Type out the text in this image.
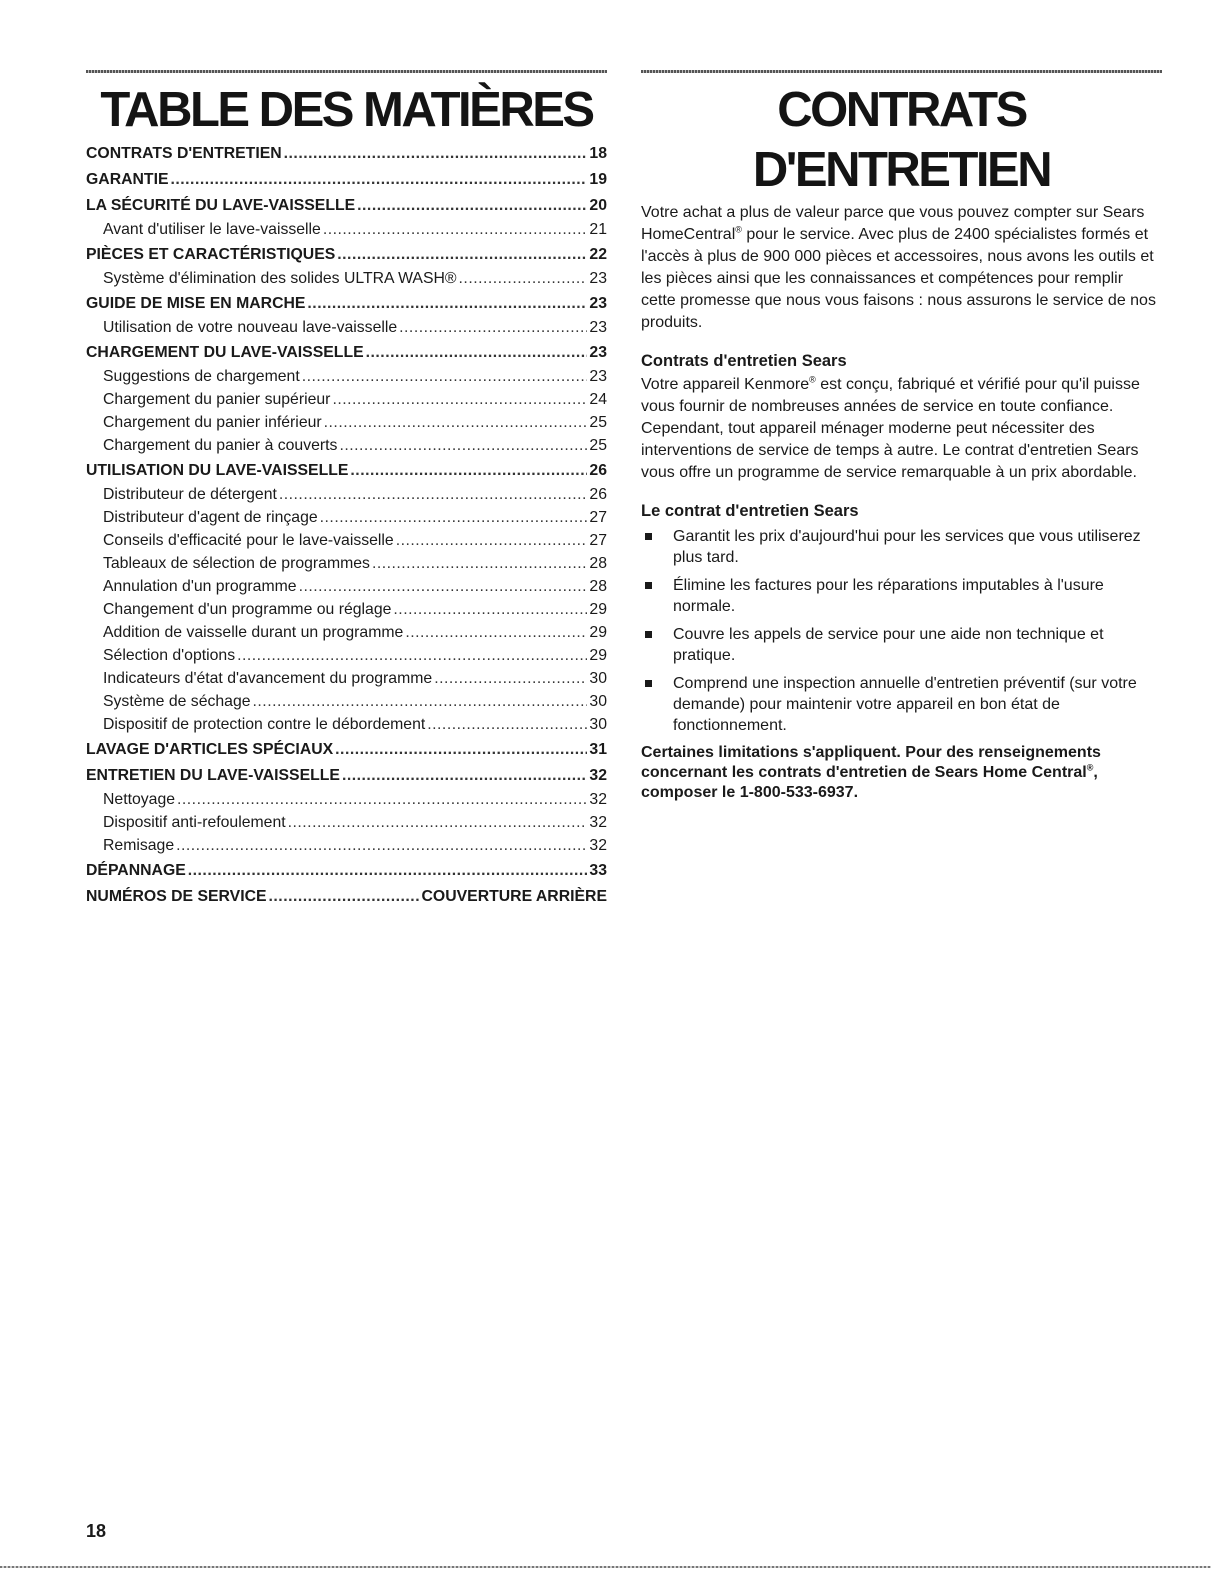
TABLE DES MATIÈRES
CONTRATS D'ENTRETIEN .....	18
GARANTIE .....	19
LA SÉCURITÉ DU LAVE-VAISSELLE .....	20
Avant d'utiliser le lave-vaisselle .....	21
PIÈCES ET CARACTÉRISTIQUES .....	22
Système d'élimination des solides ULTRA WASH® .....	23
GUIDE DE MISE EN MARCHE .....	23
Utilisation de votre nouveau lave-vaisselle .....	23
CHARGEMENT DU LAVE-VAISSELLE .....	23
Suggestions de chargement .....	23
Chargement du panier supérieur .....	24
Chargement du panier inférieur .....	25
Chargement du panier à couverts .....	25
UTILISATION DU LAVE-VAISSELLE .....	26
Distributeur de détergent .....	26
Distributeur d'agent de rinçage .....	27
Conseils d'efficacité pour le lave-vaisselle .....	27
Tableaux de sélection de programmes .....	28
Annulation d'un programme .....	28
Changement d'un programme ou réglage .....	29
Addition de vaisselle durant un programme .....	29
Sélection d'options .....	29
Indicateurs d'état d'avancement du programme .....	30
Système de séchage .....	30
Dispositif de protection contre le débordement .....	30
LAVAGE D'ARTICLES SPÉCIAUX .....	31
ENTRETIEN DU LAVE-VAISSELLE .....	32
Nettoyage .....	32
Dispositif anti-refoulement .....	32
Remisage .....	32
DÉPANNAGE .....	33
NUMÉROS DE SERVICE .....	COUVERTURE ARRIÈRE
CONTRATS D'ENTRETIEN

Votre achat a plus de valeur parce que vous pouvez compter sur Sears HomeCentral® pour le service. Avec plus de 2400 spécialistes formés et l'accès à plus de 900 000 pièces et accessoires, nous avons les outils et les pièces ainsi que les connaissances et compétences pour remplir cette promesse que nous vous faisons : nous assurons le service de nos produits.

Contrats d'entretien Sears

Votre appareil Kenmore® est conçu, fabriqué et vérifié pour qu'il puisse vous fournir de nombreuses années de service en toute confiance. Cependant, tout appareil ménager moderne peut nécessiter des interventions de service de temps à autre. Le contrat d'entretien Sears vous offre un programme de service remarquable à un prix abordable.

Le contrat d'entretien Sears
Garantit les prix d'aujourd'hui pour les services que vous utiliserez plus tard.
Élimine les factures pour les réparations imputables à l'usure normale.
Couvre les appels de service pour une aide non technique et pratique.
Comprend une inspection annuelle d'entretien préventif (sur votre demande) pour maintenir votre appareil en bon état de fonctionnement.

Certaines limitations s'appliquent. Pour des renseignements concernant les contrats d'entretien de Sears Home Central®, composer le 1-800-533-6937.

18
